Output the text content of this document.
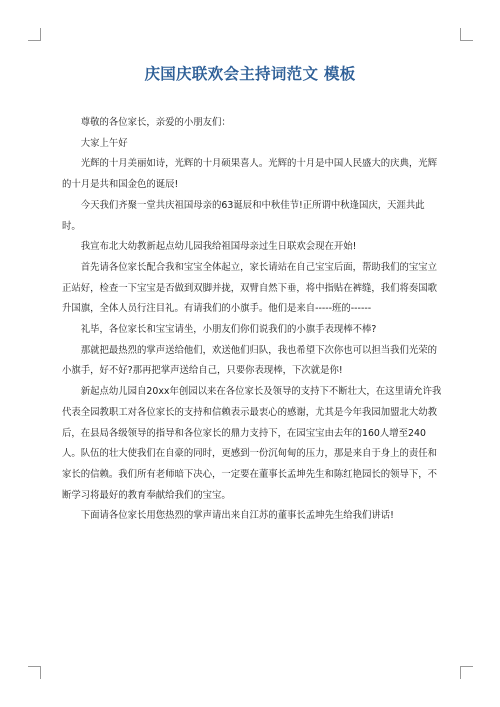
庆国庆联欢会主持词范文 模板

尊敬的各位家长，亲爱的小朋友们：

大家上午好

光辉的十月美丽如诗，光辉的十月硕果喜人。光辉的十月是中国人民盛大的庆典，光辉的十月是共和国金色的诞辰!

今天我们齐聚一堂共庆祖国母亲的63诞辰和中秋佳节!正所谓中秋逢国庆，天涯共此时。

我宣布北大幼教新起点幼儿园我给祖国母亲过生日联欢会现在开始!

首先请各位家长配合我和宝宝全体起立，家长请站在自己宝宝后面，帮助我们的宝宝立正站好，检查一下宝宝是否做到双脚并拢，双臂自然下垂，将中指贴在裤缝，我们将奏国歌升国旗，全体人员行注目礼。有请我们的小旗手。他们是来自-----班的------

礼毕，各位家长和宝宝请坐，小朋友们你们说我们的小旗手表现棒不棒?

那就把最热烈的掌声送给他们，欢送他们归队，我也希望下次你也可以担当我们光荣的小旗手，好不好?那再把掌声送给自己，只要你表现棒，下次就是你!

新起点幼儿园自20xx年创园以来在各位家长及领导的支持下不断壮大，在这里请允许我代表全园教职工对各位家长的支持和信赖表示最衷心的感谢，尤其是今年我园加盟北大幼教后，在县局各级领导的指导和各位家长的鼎力支持下，在园宝宝由去年的160人增至240人。队伍的壮大使我们在自豪的同时，更感到一份沉甸甸的压力，那是来自于身上的责任和家长的信赖。我们所有老师暗下决心，一定要在董事长孟坤先生和陈红艳园长的领导下，不断学习将最好的教育奉献给我们的宝宝。

下面请各位家长用您热烈的掌声请出来自江苏的董事长孟坤先生给我们讲话!
